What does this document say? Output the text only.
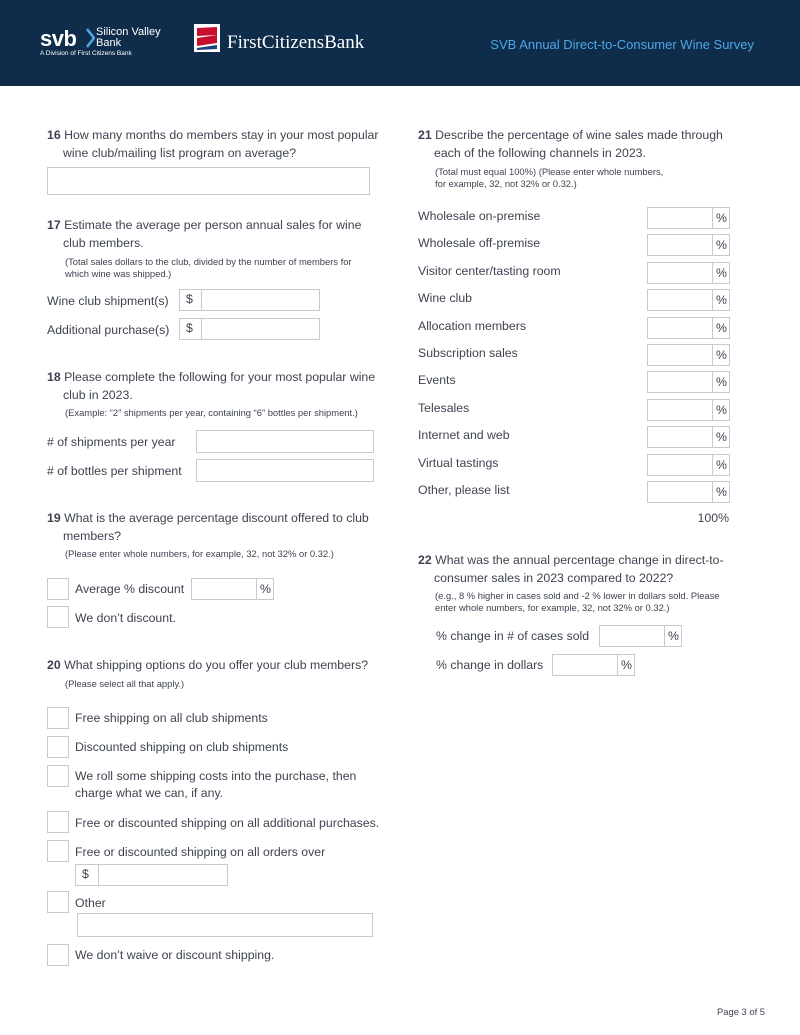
svb Silicon Valley
Bank
A Division of First Citizens Bank
FirstCitizensBank	SVB Annual Direct-to-Consumer Wine Survey
16 How many months do members stay in your most popular
wine club/mailing list program on average?
17 Estimate the average per person annual sales for wine
club members.
(Total sales dollars to the club, divided by the number of members for
which wine was shipped.)
Wine club shipment(s) $
Additional purchase(s) $
18 Please complete the following for your most popular wine
club in 2023.
(Example: “2” shipments per year, containing “6” bottles per shipment.)
# of shipments per year
# of bottles per shipment
19 What is the average percentage discount offered to club
members?
(Please enter whole numbers, for example, 32, not 32% or 0.32.)
Average % discount	%
We don’t discount.
20 What shipping options do you offer your club members?
(Please select all that apply.)
Free shipping on all club shipments
Discounted shipping on club shipments
We roll some shipping costs into the purchase, then
charge what we can, if any.
Free or discounted shipping on all additional purchases.
Free or discounted shipping on all orders over
$
Other
We don’t waive or discount shipping.
21 Describe the percentage of wine sales made through
each of the following channels in 2023.
(Total must equal 100%) (Please enter whole numbers,
for example, 32, not 32% or 0.32.)
Wholesale on-premise	%
Wholesale off-premise	%
Visitor center/tasting room	%
Wine club	%
Allocation members	%
Subscription sales	%
Events	%
Telesales	%
Internet and web	%
Virtual tastings	%
Other, please list	%
100%
22 What was the annual percentage change in direct-to-
consumer sales in 2023 compared to 2022?
(e.g., 8 % higher in cases sold and -2 % lower in dollars sold. Please
enter whole numbers, for example, 32, not 32% or 0.32.)
% change in # of cases sold	%
% change in dollars	%
Page 3 of 5
